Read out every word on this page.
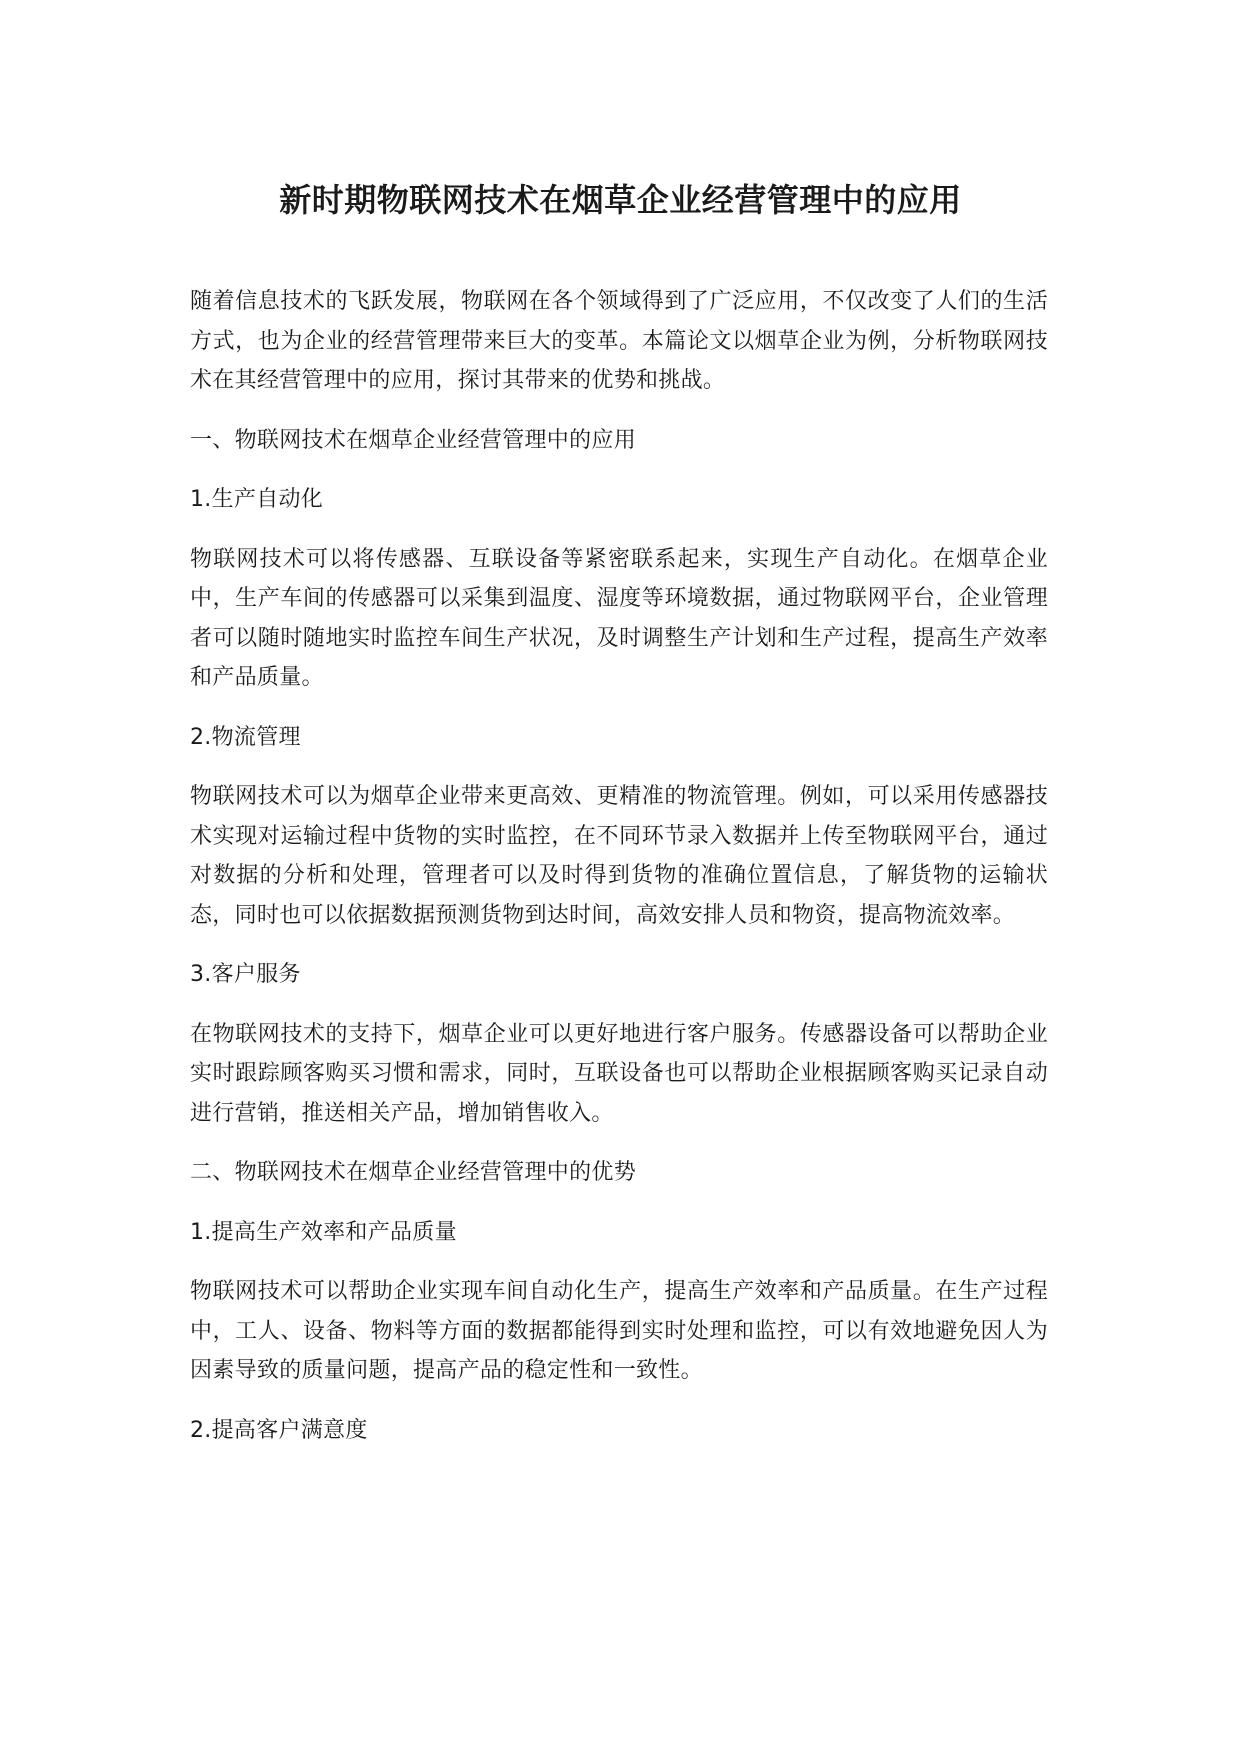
新时期物联网技术在烟草企业经营管理中的应用

随着信息技术的飞跃发展，物联网在各个领域得到了广泛应用，不仅改变了人们的生活方式，也为企业的经营管理带来巨大的变革。本篇论文以烟草企业为例，分析物联网技术在其经营管理中的应用，探讨其带来的优势和挑战。

一、物联网技术在烟草企业经营管理中的应用

1.生产自动化

物联网技术可以将传感器、互联设备等紧密联系起来，实现生产自动化。在烟草企业中，生产车间的传感器可以采集到温度、湿度等环境数据，通过物联网平台，企业管理者可以随时随地实时监控车间生产状况，及时调整生产计划和生产过程，提高生产效率和产品质量。

2.物流管理

物联网技术可以为烟草企业带来更高效、更精准的物流管理。例如，可以采用传感器技术实现对运输过程中货物的实时监控，在不同环节录入数据并上传至物联网平台，通过对数据的分析和处理，管理者可以及时得到货物的准确位置信息，了解货物的运输状态，同时也可以依据数据预测货物到达时间，高效安排人员和物资，提高物流效率。

3.客户服务

在物联网技术的支持下，烟草企业可以更好地进行客户服务。传感器设备可以帮助企业实时跟踪顾客购买习惯和需求，同时，互联设备也可以帮助企业根据顾客购买记录自动进行营销，推送相关产品，增加销售收入。

二、物联网技术在烟草企业经营管理中的优势

1.提高生产效率和产品质量

物联网技术可以帮助企业实现车间自动化生产，提高生产效率和产品质量。在生产过程中，工人、设备、物料等方面的数据都能得到实时处理和监控，可以有效地避免因人为因素导致的质量问题，提高产品的稳定性和一致性。

2.提高客户满意度
